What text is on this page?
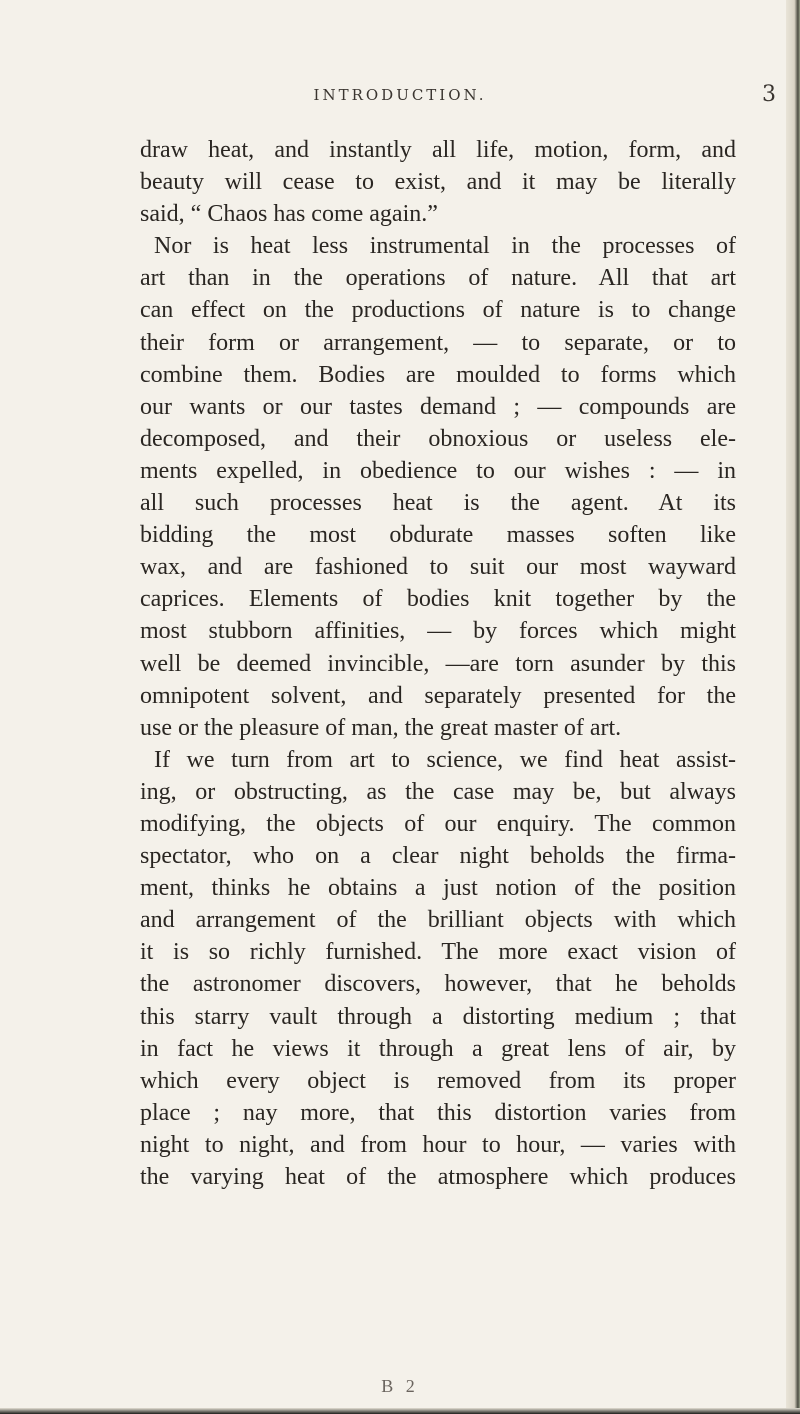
INTRODUCTION.	3
draw heat, and instantly all life, motion, form, and
beauty will cease to exist, and it may be literally
said, “ Chaos has come again.”
Nor is heat less instrumental in the processes of
art than in the operations of nature. All that art
can effect on the productions of nature is to change
their form or arrangement, — to separate, or to
combine them. Bodies are moulded to forms which
our wants or our tastes demand ; — compounds are
decomposed, and their obnoxious or useless ele-
ments expelled, in obedience to our wishes : — in
all such processes heat is the agent. At its
bidding the most obdurate masses soften like
wax, and are fashioned to suit our most wayward
caprices. Elements of bodies knit together by the
most stubborn affinities, — by forces which might
well be deemed invincible, —are torn asunder by this
omnipotent solvent, and separately presented for the
use or the pleasure of man, the great master of art.
If we turn from art to science, we find heat assist-
ing, or obstructing, as the case may be, but always
modifying, the objects of our enquiry. The common
spectator, who on a clear night beholds the firma-
ment, thinks he obtains a just notion of the position
and arrangement of the brilliant objects with which
it is so richly furnished. The more exact vision of
the astronomer discovers, however, that he beholds
this starry vault through a distorting medium ; that
in fact he views it through a great lens of air, by
which every object is removed from its proper
place ; nay more, that this distortion varies from
night to night, and from hour to hour, — varies with
the varying heat of the atmosphere which produces
B 2
